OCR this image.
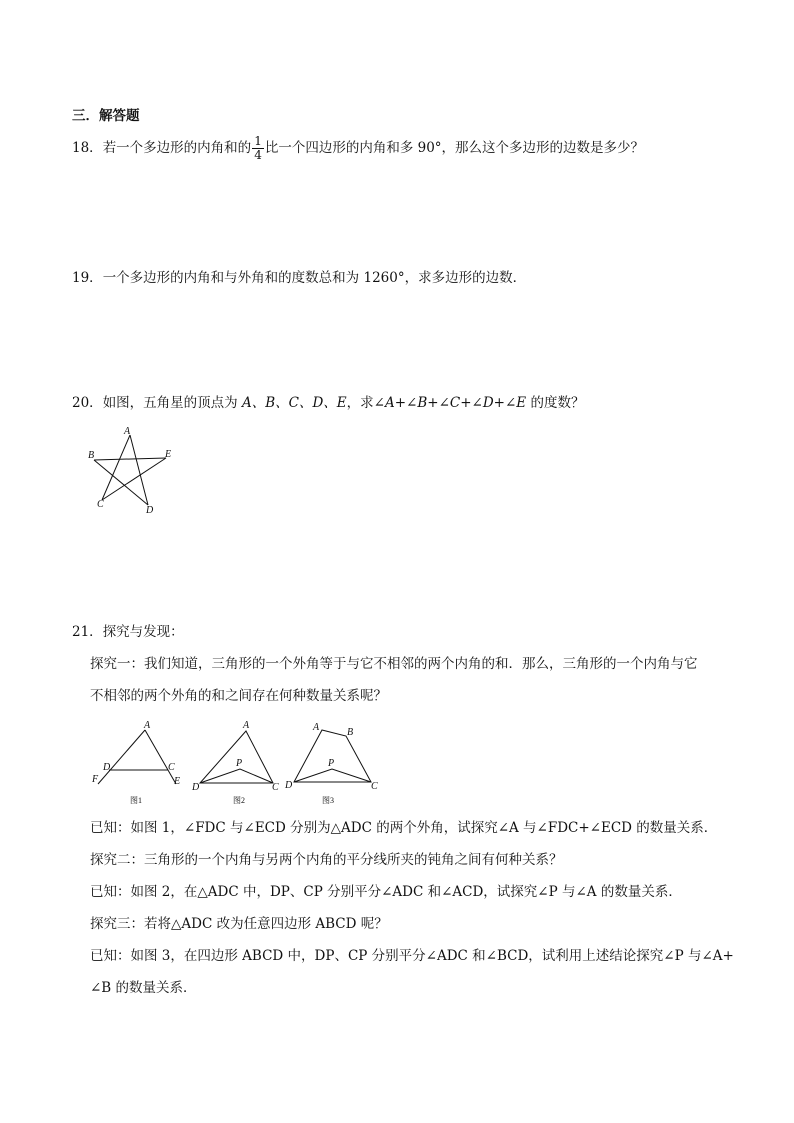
三．解答题
18．若一个多边形的内角和的 $\frac{1}{4}$ 比一个四边形的内角和多 90°，那么这个多边形的边数是多少？
19．一个多边形的内角和与外角和的度数总和为 1260°，求多边形的边数．
20．如图，五角星的顶点为 A、B、C、D、E，求∠A+∠B+∠C+∠D+∠E 的度数？
A
B	E
C
D
21．探究与发现：
探究一：我们知道，三角形的一个外角等于与它不相邻的两个内角的和．那么，三角形的一个内角与它
不相邻的两个外角的和之间存在何种数量关系呢？
A
D	C
F	E
图1
A
P
D	C
图2
A	B
P
D	C
图3
已知：如图 1，∠FDC 与∠ECD 分别为△ADC 的两个外角，试探究∠A 与∠FDC+∠ECD 的数量关系．
探究二：三角形的一个内角与另两个内角的平分线所夹的钝角之间有何种关系？
已知：如图 2，在△ADC 中，DP、CP 分别平分∠ADC 和∠ACD，试探究∠P 与∠A 的数量关系．
探究三：若将△ADC 改为任意四边形 ABCD 呢？
已知：如图 3，在四边形 ABCD 中，DP、CP 分别平分∠ADC 和∠BCD，试利用上述结论探究∠P 与∠A+
∠B 的数量关系．
